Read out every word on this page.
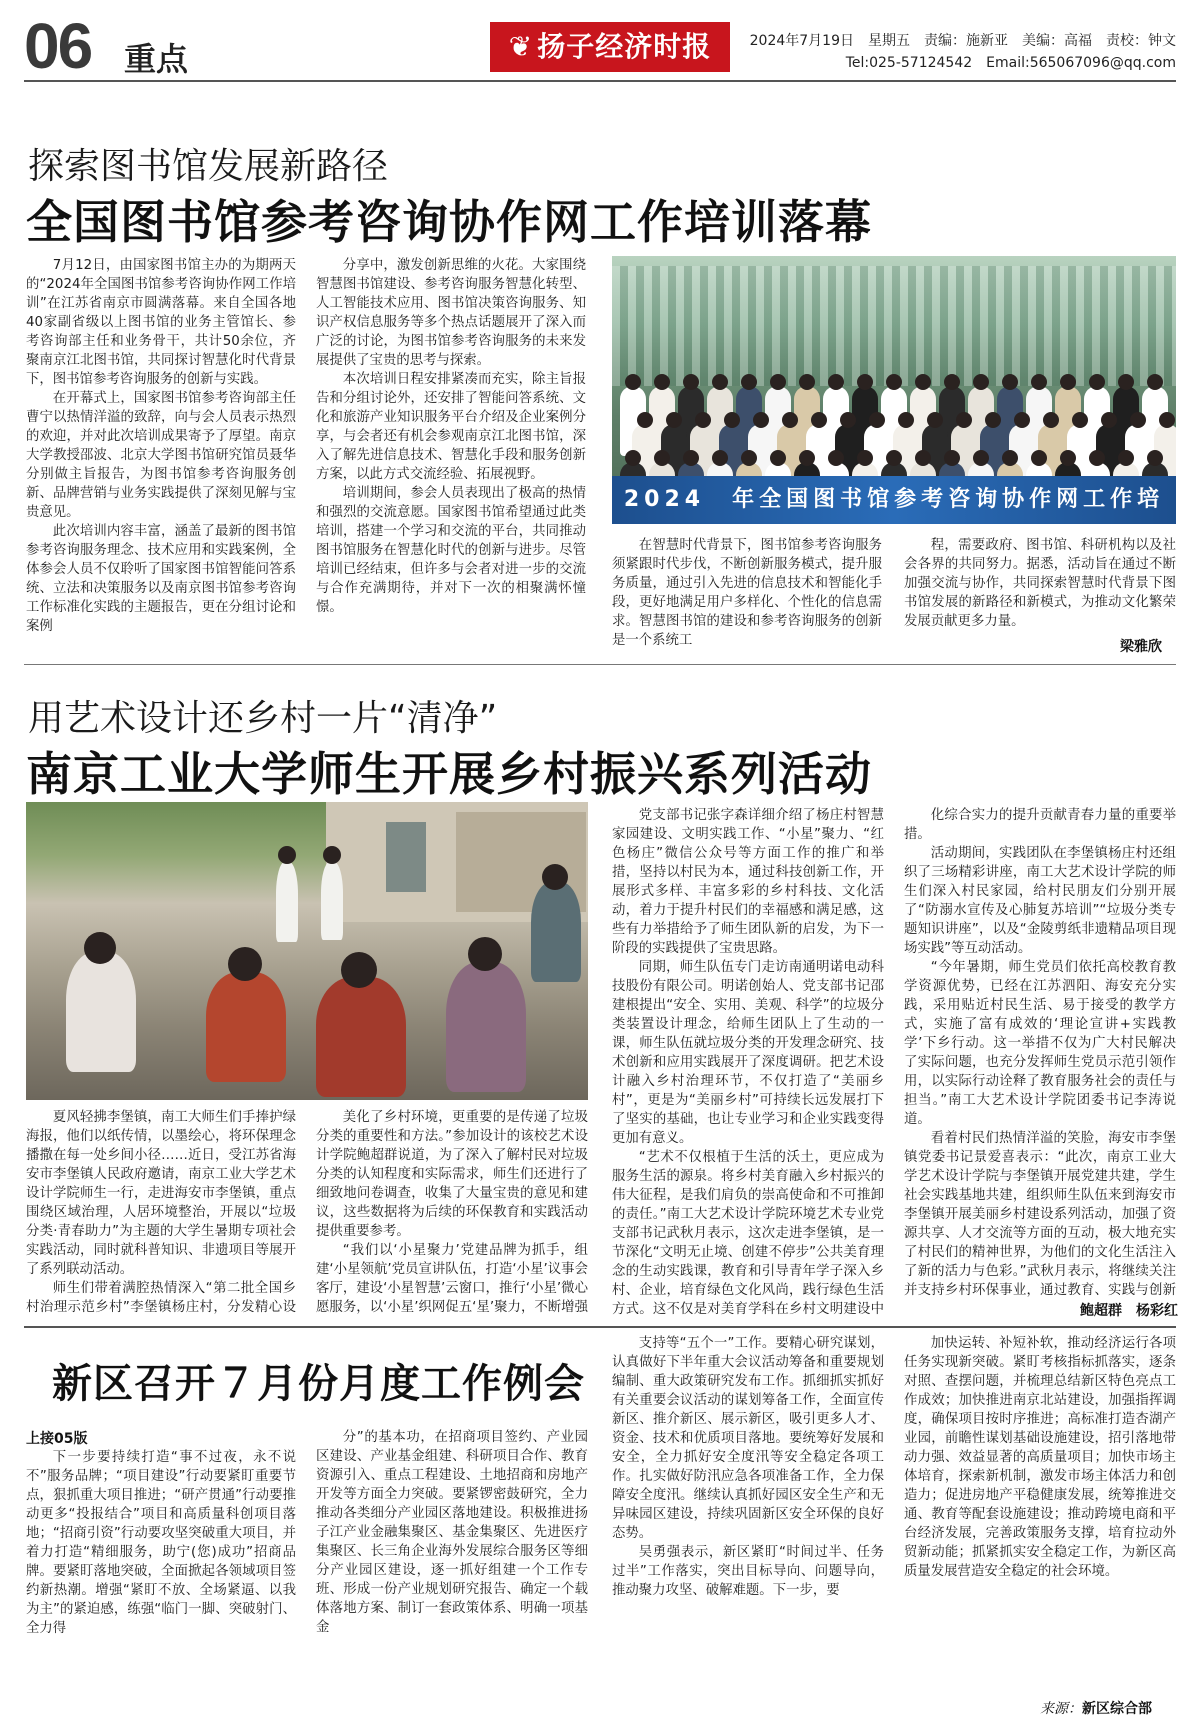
06 重点	❦ 扬子经济时报	2024年7月19日　星期五　责编：施新亚　美编：高福　责校：钟文
Tel:025-57124542　Email:565067096@qq.com
探索图书馆发展新路径
全国图书馆参考咨询协作网工作培训落幕

7月12日，由国家图书馆主办的为期两天的“2024年全国图书馆参考咨询协作网工作培训”在江苏省南京市圆满落幕。来自全国各地40家副省级以上图书馆的业务主管馆长、参考咨询部主任和业务骨干，共计50余位，齐聚南京江北图书馆，共同探讨智慧化时代背景下，图书馆参考咨询服务的创新与实践。

在开幕式上，国家图书馆参考咨询部主任曹宁以热情洋溢的致辞，向与会人员表示热烈的欢迎，并对此次培训成果寄予了厚望。南京大学教授邵波、北京大学图书馆研究馆员聂华分别做主旨报告，为图书馆参考咨询服务创新、品牌营销与业务实践提供了深刻见解与宝贵意见。

此次培训内容丰富，涵盖了最新的图书馆参考咨询服务理念、技术应用和实践案例，全体参会人员不仅聆听了国家图书馆智能问答系统、立法和决策服务以及南京图书馆参考咨询工作标准化实践的主题报告，更在分组讨论和案例

分享中，激发创新思维的火花。大家围绕智慧图书馆建设、参考咨询服务智慧化转型、人工智能技术应用、图书馆决策咨询服务、知识产权信息服务等多个热点话题展开了深入而广泛的讨论，为图书馆参考咨询服务的未来发展提供了宝贵的思考与探索。

本次培训日程安排紧凑而充实，除主旨报告和分组讨论外，还安排了智能问答系统、文化和旅游产业知识服务平台介绍及企业案例分享，与会者还有机会参观南京江北图书馆，深入了解先进信息技术、智慧化手段和服务创新方案，以此方式交流经验、拓展视野。

培训期间，参会人员表现出了极高的热情和强烈的交流意愿。国家图书馆希望通过此类培训，搭建一个学习和交流的平台，共同推动图书馆服务在智慧化时代的创新与进步。尽管培训已经结束，但许多与会者对进一步的交流与合作充满期待，并对下一次的相聚满怀憧憬。

2024　年全国图书馆参考咨询协作网工作培

在智慧时代背景下，图书馆参考咨询服务须紧跟时代步伐，不断创新服务模式，提升服务质量，通过引入先进的信息技术和智能化手段，更好地满足用户多样化、个性化的信息需求。智慧图书馆的建设和参考咨询服务的创新是一个系统工

程，需要政府、图书馆、科研机构以及社会各界的共同努力。据悉，活动旨在通过不断加强交流与协作，共同探索智慧时代背景下图书馆发展的新路径和新模式，为推动文化繁荣发展贡献更多力量。

梁雅欣
用艺术设计还乡村一片“清净”
南京工业大学师生开展乡村振兴系列活动

夏风轻拂李堡镇，南工大师生们手捧护绿海报，他们以纸传情，以墨绘心，将环保理念播撒在每一处乡间小径……近日，受江苏省海安市李堡镇人民政府邀请，南京工业大学艺术设计学院师生一行，走进海安市李堡镇，重点围绕区域治理，人居环境整治，开展以“垃圾分类·青春助力”为主题的大学生暑期专项社会实践活动，同时就科普知识、非遗项目等展开了系列联动活动。

师生们带着满腔热情深入“第二批全国乡村治理示范乡村”李堡镇杨庄村，分发精心设

美化了乡村环境，更重要的是传递了垃圾分类的重要性和方法。”参加设计的该校艺术设计学院鲍超群说道，为了深入了解村民对垃圾分类的认知程度和实际需求，师生们还进行了细致地问卷调查，收集了大量宝贵的意见和建议，这些数据将为后续的环保教育和实践活动提供重要参考。

“我们以‘小星聚力’党建品牌为抓手，组建‘小星领航’党员宣讲队伍，打造‘小星’议事会客厅，建设‘小星智慧’云窗口，推行‘小星’微心愿服务，以‘小星’织网促五‘星’聚力，不断增强

党支部书记张字森详细介绍了杨庄村智慧家园建设、文明实践工作、“小星”聚力、“红色杨庄”微信公众号等方面工作的推广和举措，坚持以村民为本，通过科技创新工作，开展形式多样、丰富多彩的乡村科技、文化活动，着力于提升村民们的幸福感和满足感，这些有力举措给予了师生团队新的启发，为下一阶段的实践提供了宝贵思路。

同期，师生队伍专门走访南通明诺电动科技股份有限公司。明诺创始人、党支部书记邵建根提出“安全、实用、美观、科学”的垃圾分类装置设计理念，给师生团队上了生动的一课，师生队伍就垃圾分类的开发理念研究、技术创新和应用实践展开了深度调研。把艺术设计融入乡村治理环节，不仅打造了“美丽乡村”，更是为“美丽乡村”可持续长远发展打下了坚实的基础，也让专业学习和企业实践变得更加有意义。

“艺术不仅根植于生活的沃土，更应成为服务生活的源泉。将乡村美育融入乡村振兴的伟大征程，是我们肩负的崇高使命和不可推卸的责任。”南工大艺术设计学院环境艺术专业党支部书记武秋月表示，这次走进李堡镇，是一节深化“文明无止境、创建不停步”公共美育理念的生动实践课，教育和引导青年学子深入乡村、企业，培育绿色文化风尚，践行绿色生活方式。这不仅是对美育学科在乡村文明建设中

化综合实力的提升贡献青春力量的重要举措。

活动期间，实践团队在李堡镇杨庄村还组织了三场精彩讲座，南工大艺术设计学院的师生们深入村民家园，给村民朋友们分别开展了“防溺水宣传及心肺复苏培训”“垃圾分类专题知识讲座”，以及“金陵剪纸非遗精品项目现场实践”等互动活动。

“今年暑期，师生党员们依托高校教育教学资源优势，已经在江苏泗阳、海安充分实践，采用贴近村民生活、易于接受的教学方式，实施了富有成效的‘理论宣讲+实践教学’下乡行动。这一举措不仅为广大村民解决了实际问题，也充分发挥师生党员示范引领作用，以实际行动诠释了教育服务社会的责任与担当。”南工大艺术设计学院团委书记李涛说道。

看着村民们热情洋溢的笑脸，海安市李堡镇党委书记景爱喜表示：“此次，南京工业大学艺术设计学院与李堡镇开展党建共建，学生社会实践基地共建，组织师生队伍来到海安市李堡镇开展美丽乡村建设系列活动，加强了资源共享、人才交流等方面的互动，极大地充实了村民们的精神世界，为他们的文化生活注入了新的活力与色彩。”武秋月表示，将继续关注并支持乡村环保事业，通过教育、实践与创新

鲍超群　杨彩红
新区召开７月份月度工作例会
上接05版

下一步要持续打造“事不过夜，永不说不”服务品牌；“项目建设”行动要紧盯重要节点，狠抓重大项目推进；“研产贯通”行动要推动更多“投报结合”项目和高质量科创项目落地；“招商引资”行动要攻坚突破重大项目，并着力打造“精细服务，助宁(您)成功”招商品牌。要紧盯落地突破，全面掀起各领域项目签约新热潮。增强“紧盯不放、全场紧逼、以我为主”的紧迫感，练强“临门一脚、突破射门、全力得

分”的基本功，在招商项目签约、产业园区建设、产业基金组建、科研项目合作、教育资源引入、重点工程建设、土地招商和房地产开发等方面全力突破。要紧锣密鼓研究，全力推动各类细分产业园区落地建设。积极推进扬子江产业金融集聚区、基金集聚区、先进医疗集聚区、长三角企业海外发展综合服务区等细分产业园区建设，逐一抓好组建一个工作专班、形成一份产业规划研究报告、确定一个载体落地方案、制订一套政策体系、明确一项基金

支持等“五个一”工作。要精心研究谋划，认真做好下半年重大会议活动筹备和重要规划编制、重大政策研究发布工作。抓细抓实抓好有关重要会议活动的谋划筹备工作，全面宣传新区、推介新区、展示新区，吸引更多人才、资金、技术和优质项目落地。要统筹好发展和安全，全力抓好安全度汛等安全稳定各项工作。扎实做好防汛应急各项准备工作，全力保障安全度汛。继续认真抓好园区安全生产和无异味园区建设，持续巩固新区安全环保的良好态势。

吴勇强表示，新区紧盯“时间过半、任务过半”工作落实，突出目标导向、问题导向，推动聚力攻坚、破解难题。下一步，要

加快运转、补短补软，推动经济运行各项任务实现新突破。紧盯考核指标抓落实，逐条对照、查摆问题，并梳理总结新区特色亮点工作成效；加快推进南京北站建设，加强指挥调度，确保项目按时序推进；高标准打造杏湖产业园，前瞻性谋划基础设施建设，招引落地带动力强、效益显著的高质量项目；加快市场主体培育，探索新机制，激发市场主体活力和创造力；促进房地产平稳健康发展，统筹推进交通、教育等配套设施建设；推动跨境电商和平台经济发展，完善政策服务支撑，培育拉动外贸新动能；抓紧抓实安全稳定工作，为新区高质量发展营造安全稳定的社会环境。

来源：新区综合部
